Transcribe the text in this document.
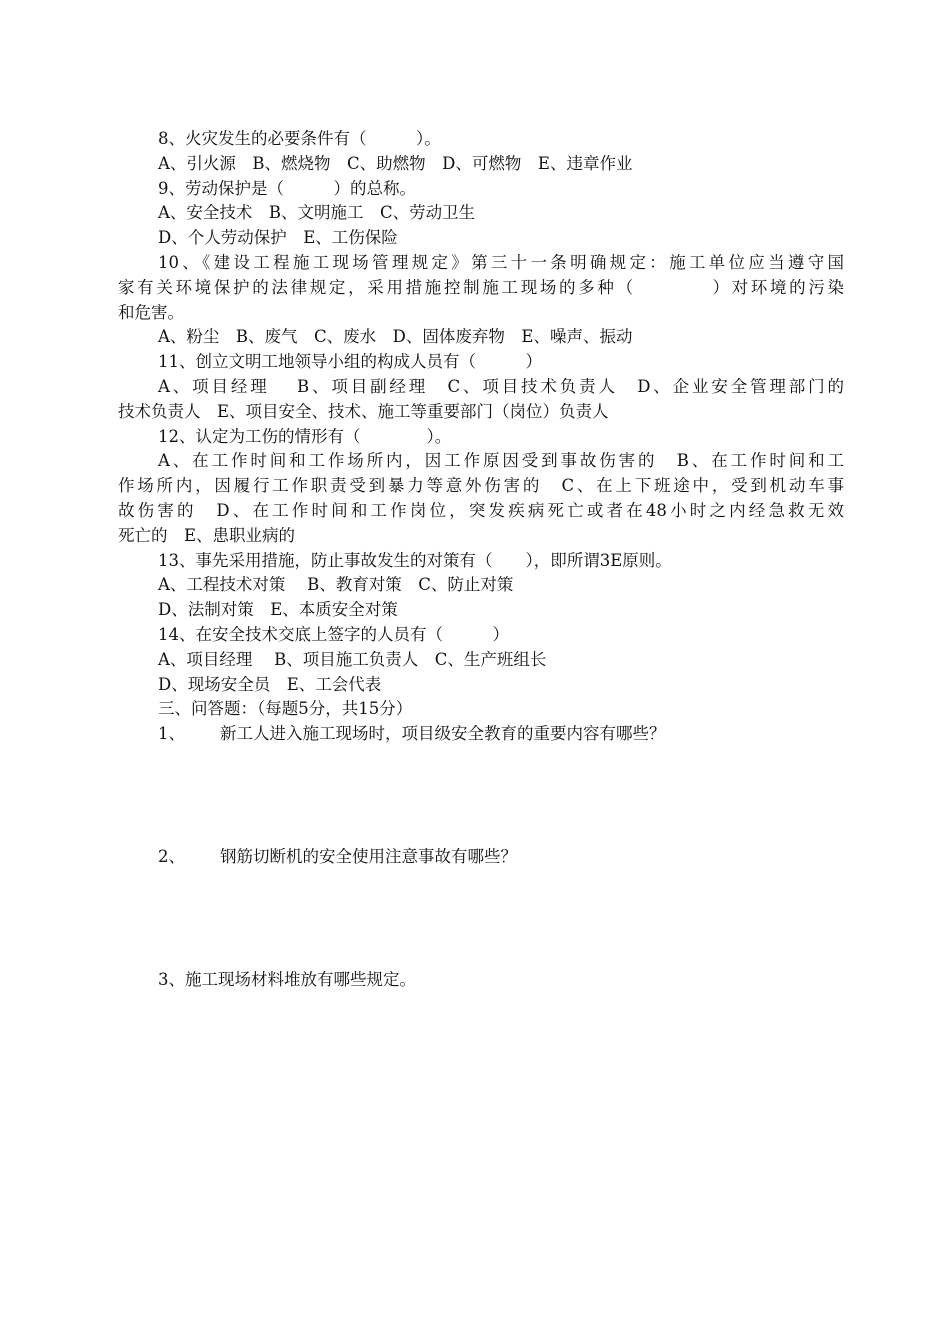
8、火灾发生的必要条件有（　　　）。
A、引火源　B、燃烧物　C、助燃物　D、可燃物　E、违章作业
9、劳动保护是（　　　）的总称。
A、安全技术　B、文明施工　C、劳动卫生
D、个人劳动保护　E、工伤保险
10、《建设工程施工现场管理规定》第三十一条明确规定：施工单位应当遵守国
家有关环境保护的法律规定，采用措施控制施工现场的多种（　　　　）对环境的污染
和危害。
A、粉尘　B、废气　C、废水　D、固体废弃物　E、噪声、振动
11、创立文明工地领导小组的构成人员有（　　　）
A、项目经理　 B、项目副经理　C、项目技术负责人　D、企业安全管理部门的
技术负责人　E、项目安全、技术、施工等重要部门（岗位）负责人
12、认定为工伤的情形有（　　　　）。
A、在工作时间和工作场所内，因工作原因受到事故伤害的　B、在工作时间和工
作场所内，因履行工作职责受到暴力等意外伤害的　C、在上下班途中，受到机动车事
故伤害的　D、在工作时间和工作岗位，突发疾病死亡或者在48小时之内经急救无效
死亡的　E、患职业病的
13、事先采用措施，防止事故发生的对策有（　　），即所谓3E原则。
A、工程技术对策　 B、教育对策　C、防止对策
D、法制对策　E、本质安全对策
14、在安全技术交底上签字的人员有（　　　）
A、项目经理　 B、项目施工负责人　C、生产班组长
D、现场安全员　E、工会代表
三、问答题：（每题5分，共15分）
1、 新工人进入施工现场时，项目级安全教育的重要内容有哪些？
2、 钢筋切断机的安全使用注意事故有哪些？
3、施工现场材料堆放有哪些规定。
